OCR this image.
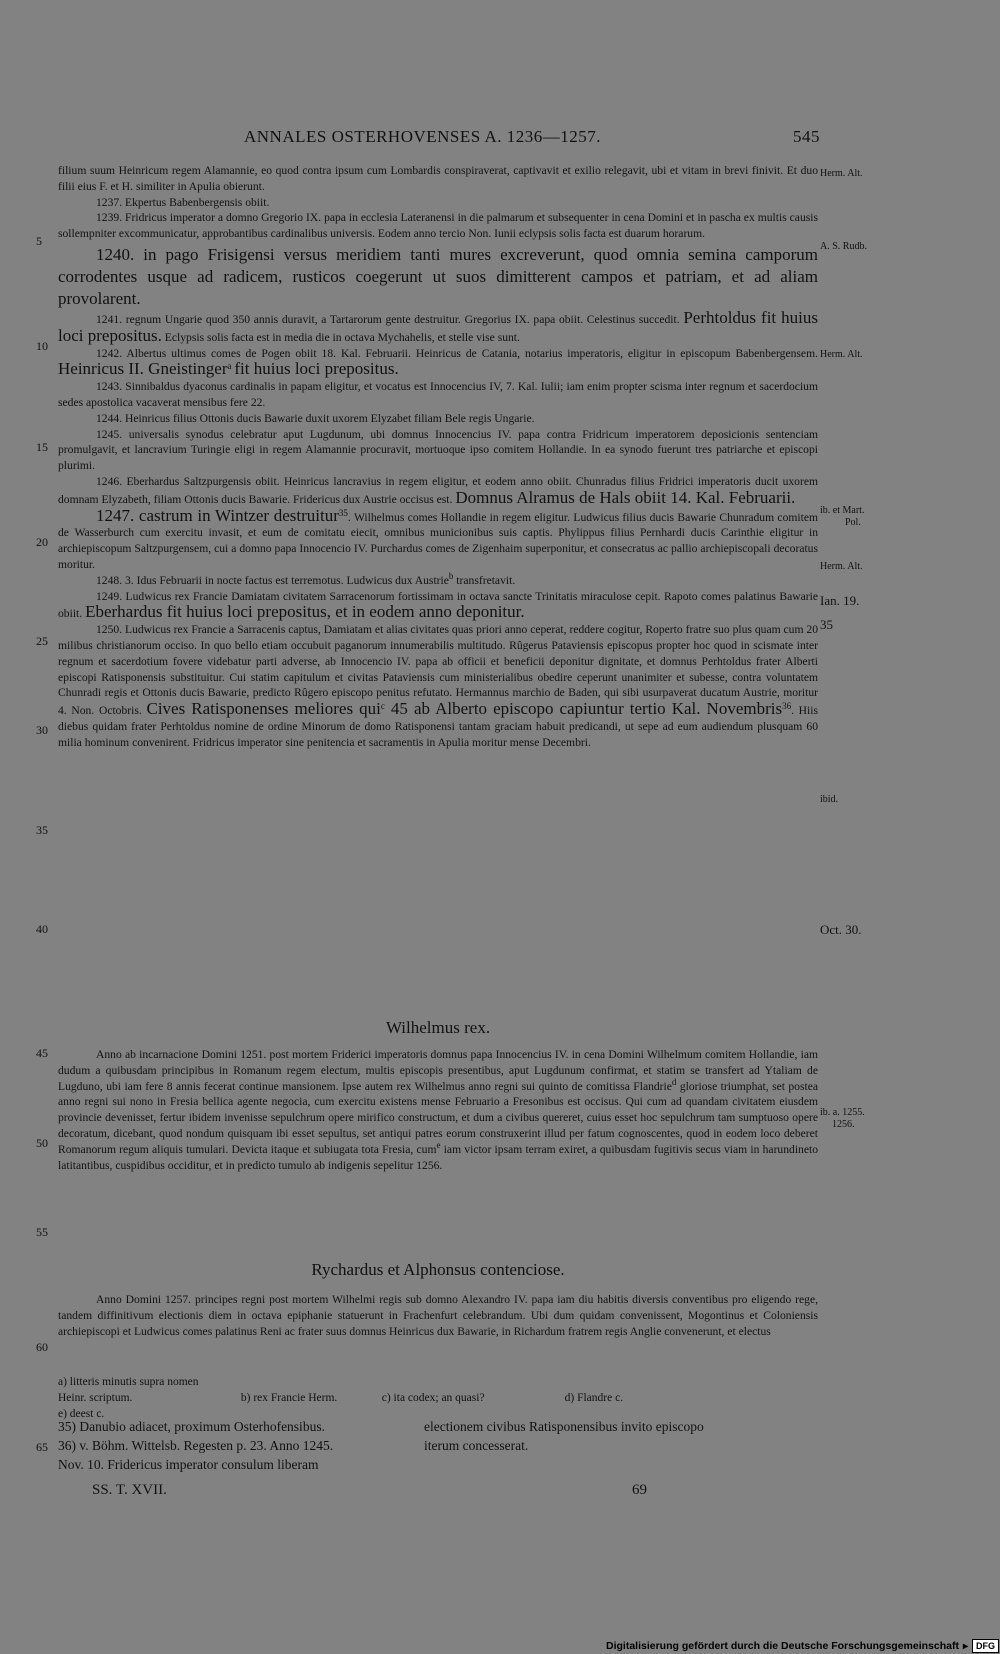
ANNALES OSTERHOVENSES A. 1236—1257.	545
5
10
15
20
25
30
35
40
45
50
55
60
65
Herm. Alt.
A. S. Rudb.
Herm. Alt.
ib. et Mart.
Pol.
Herm. Alt.
Ian. 19.
35
ibid.
Oct. 30.
ib. a. 1255.
1256.

filium suum Heinricum regem Alamannie, eo quod contra ipsum cum Lombardis conspiraverat, captivavit et exilio relegavit, ubi et vitam in brevi finivit. Et duo filii eius F. et H. similiter in Apulia obierunt.

1237. Ekpertus Babenbergensis obiit.

1239. Fridricus imperator a domno Gregorio IX. papa in ecclesia Lateranensi in die palmarum et subsequenter in cena Domini et in pascha ex multis causis sollempniter excommunicatur, approbantibus cardinalibus universis. Eodem anno tercio Non. Iunii eclypsis solis facta est duarum horarum.

1240. in pago Frisigensi versus meridiem tanti mures excreverunt, quod omnia semina camporum corrodentes usque ad radicem, rusticos coegerunt ut suos dimitterent campos et patriam, et ad aliam provolarent.

1241. regnum Ungarie quod 350 annis duravit, a Tartarorum gente destruitur. Gregorius IX. papa obiit. Celestinus succedit. Perhtoldus fit huius loci prepositus. Eclypsis solis facta est in media die in octava Mychahelis, et stelle vise sunt.

1242. Albertus ultimus comes de Pogen obiit 18. Kal. Februarii. Heinricus de Catania, notarius imperatoris, eligitur in episcopum Babenbergensem. Heinricus II. Gneistinger$^a$ fit huius loci prepositus.

1243. Sinnibaldus dyaconus cardinalis in papam eligitur, et vocatus est Innocencius IV, 7. Kal. Iulii; iam enim propter scisma inter regnum et sacerdocium sedes apostolica vacaverat mensibus fere 22.

1244. Heinricus filius Ottonis ducis Bawarie duxit uxorem Elyzabet filiam Bele regis Ungarie.

1245. universalis synodus celebratur aput Lugdunum, ubi domnus Innocencius IV. papa contra Fridricum imperatorem deposicionis sentenciam promulgavit, et lancravium Turingie eligi in regem Alamannie procuravit, mortuoque ipso comitem Hollandie. In ea synodo fuerunt tres patriarche et episcopi plurimi.

1246. Eberhardus Saltzpurgensis obiit. Heinricus lancravius in regem eligitur, et eodem anno obiit. Chunradus filius Fridrici imperatoris ducit uxorem domnam Elyzabeth, filiam Ottonis ducis Bawarie. Fridericus dux Austrie occisus est. Domnus Alramus de Hals obiit 14. Kal. Februarii.

1247. castrum in Wintzer destruitur$^{35}$. Wilhelmus comes Hollandie in regem eligitur. Ludwicus filius ducis Bawarie Chunradum comitem de Wasserburch cum exercitu invasit, et eum de comitatu eiecit, omnibus municionibus suis captis. Phylippus filius Pernhardi ducis Carinthie eligitur in archiepiscopum Saltzpurgensem, cui a domno papa Innocencio IV. Purchardus comes de Zigenhaim superponitur, et consecratus ac pallio archiepiscopali decoratus moritur.

1248. 3. Idus Februarii in nocte factus est terremotus. Ludwicus dux Austrie$^b$ transfretavit.

1249. Ludwicus rex Francie Damiatam civitatem Sarracenorum fortissimam in octava sancte Trinitatis miraculose cepit. Rapoto comes palatinus Bawarie obiit. Eberhardus fit huius loci prepositus, et in eodem anno deponitur.

1250. Ludwicus rex Francie a Sarracenis captus, Damiatam et alias civitates quas priori anno ceperat, reddere cogitur, Roperto fratre suo plus quam cum 20 milibus christianorum occiso. In quo bello etiam occubuit paganorum innumerabilis multitudo. Rûgerus Pataviensis episcopus propter hoc quod in scismate inter regnum et sacerdotium fovere videbatur parti adverse, ab Innocencio IV. papa ab officii et beneficii deponitur dignitate, et domnus Perhtoldus frater Alberti episcopi Ratisponensis substituitur. Cui statim capitulum et civitas Pataviensis cum ministerialibus obedire ceperunt unanimiter et subesse, contra voluntatem Chunradi regis et Ottonis ducis Bawarie, predicto Rûgero episcopo penitus refutato. Hermannus marchio de Baden, qui sibi usurpaverat ducatum Austrie, moritur 4. Non. Octobris. Cives Ratisponenses meliores qui$^c$ 45 ab Alberto episcopo capiuntur tertio Kal. Novembris$^{36}$. Hiis diebus quidam frater Perhtoldus nomine de ordine Minorum de domo Ratisponensi tantam graciam habuit predicandi, ut sepe ad eum audiendum plusquam 60 milia hominum convenirent. Fridricus imperator sine penitencia et sacramentis in Apulia moritur mense Decembri.

Wilhelmus rex.

Anno ab incarnacione Domini 1251. post mortem Friderici imperatoris domnus papa Innocencius IV. in cena Domini Wilhelmum comitem Hollandie, iam dudum a quibusdam principibus in Romanum regem electum, multis episcopis presentibus, aput Lugdunum confirmat, et statim se transfert ad Ytaliam de Lugduno, ubi iam fere 8 annis fecerat continue mansionem. Ipse autem rex Wilhelmus anno regni sui quinto de comitissa Flandrie$^d$ gloriose triumphat, set postea anno regni sui nono in Fresia bellica agente negocia, cum exercitu existens mense Februario a Fresonibus est occisus. Qui cum ad quandam civitatem eiusdem provincie devenisset, fertur ibidem invenisse sepulchrum opere mirifico constructum, et dum a civibus quereret, cuius esset hoc sepulchrum tam sumptuoso opere decoratum, dicebant, quod nondum quisquam ibi esset sepultus, set antiqui patres eorum construxerint illud per fatum cognoscentes, quod in eodem loco deberet Romanorum regum aliquis tumulari. Devicta itaque et subiugata tota Fresia, cum$^e$ iam victor ipsam terram exiret, a quibusdam fugitivis secus viam in harundineto latitantibus, cuspidibus occiditur, et in predicto tumulo ab indigenis sepelitur 1256.

Rychardus et Alphonsus contenciose.

Anno Domini 1257. principes regni post mortem Wilhelmi regis sub domno Alexandro IV. papa iam diu habitis diversis conventibus pro eligendo rege, tandem diffinitivum electionis diem in octava epiphanie statuerunt in Frachenfurt celebrandum. Ubi dum quidam convenissent, Mogontinus et Coloniensis archiepiscopi et Ludwicus comes palatinus Reni ac frater suus domnus Heinricus dux Bawarie, in Richardum fratrem regis Anglie convenerunt, et electus

a) litteris minutis supra nomen Heinr. scriptum.	b) rex Francie Herm.	c) ita codex; an quasi?	d) Flandre c.
e) deest c.
35) Danubio adiacet, proximum Osterhofensibus.
36) v. Böhm. Wittelsb. Regesten p. 23. Anno 1245.
Nov. 10. Fridericus imperator consulum liberam
electionem civibus Ratisponensibus invito episcopo
iterum concesserat.
SS. T. XVII.	69
Digitalisierung gefördert durch die Deutsche Forschungsgemeinschaft ▸ DFG
